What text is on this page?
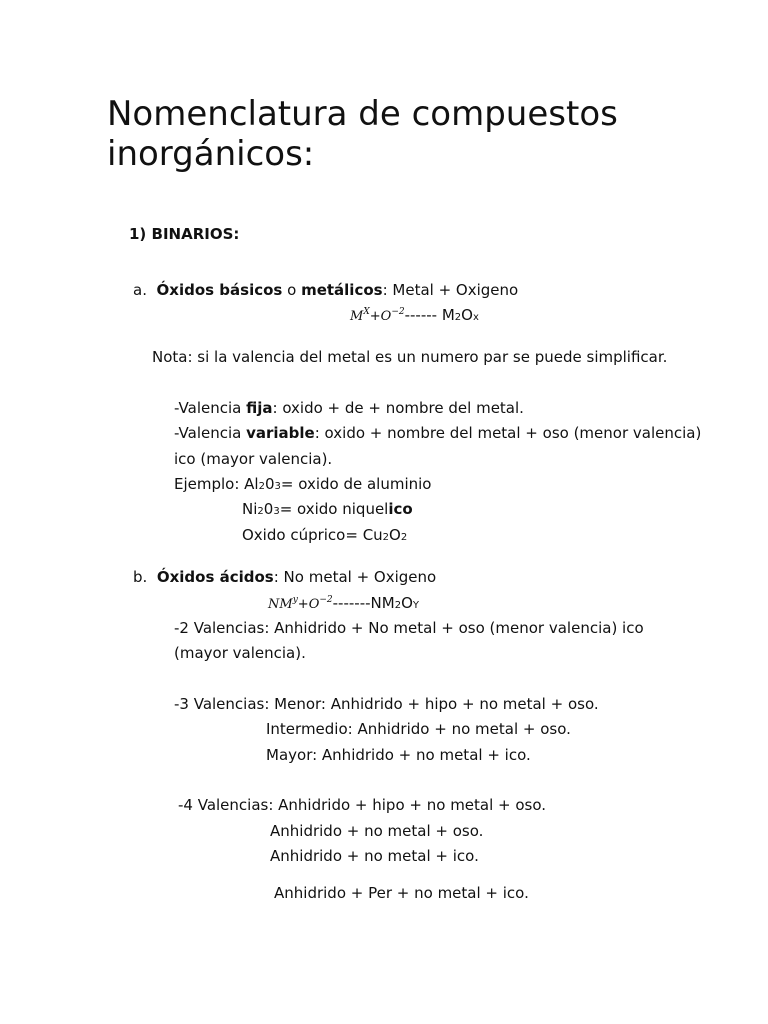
Nomenclatura de compuestos
inorgánicos:
1) BINARIOS:
a. Óxidos básicos o metálicos: Metal + Oxigeno
$M^X+O^{-2}------$ M2Ox
Nota: si la valencia del metal es un numero par se puede simplificar.
-Valencia fija: oxido + de + nombre del metal.
-Valencia variable: oxido + nombre del metal + oso (menor valencia)
ico (mayor valencia).
Ejemplo: Al203= oxido de aluminio
Ni203= oxido niquelico
Oxido cúprico= Cu2O2
b. Óxidos ácidos: No metal + Oxigeno
$NM^y+O^{-2}-------NM2OY$
-2 Valencias: Anhidrido + No metal + oso (menor valencia) ico
(mayor valencia).
-3 Valencias: Menor: Anhidrido + hipo + no metal + oso.
Intermedio: Anhidrido + no metal + oso.
Mayor: Anhidrido + no metal + ico.
-4 Valencias: Anhidrido + hipo + no metal + oso.
Anhidrido + no metal + oso.
Anhidrido + no metal + ico.
Anhidrido + Per + no metal + ico.
